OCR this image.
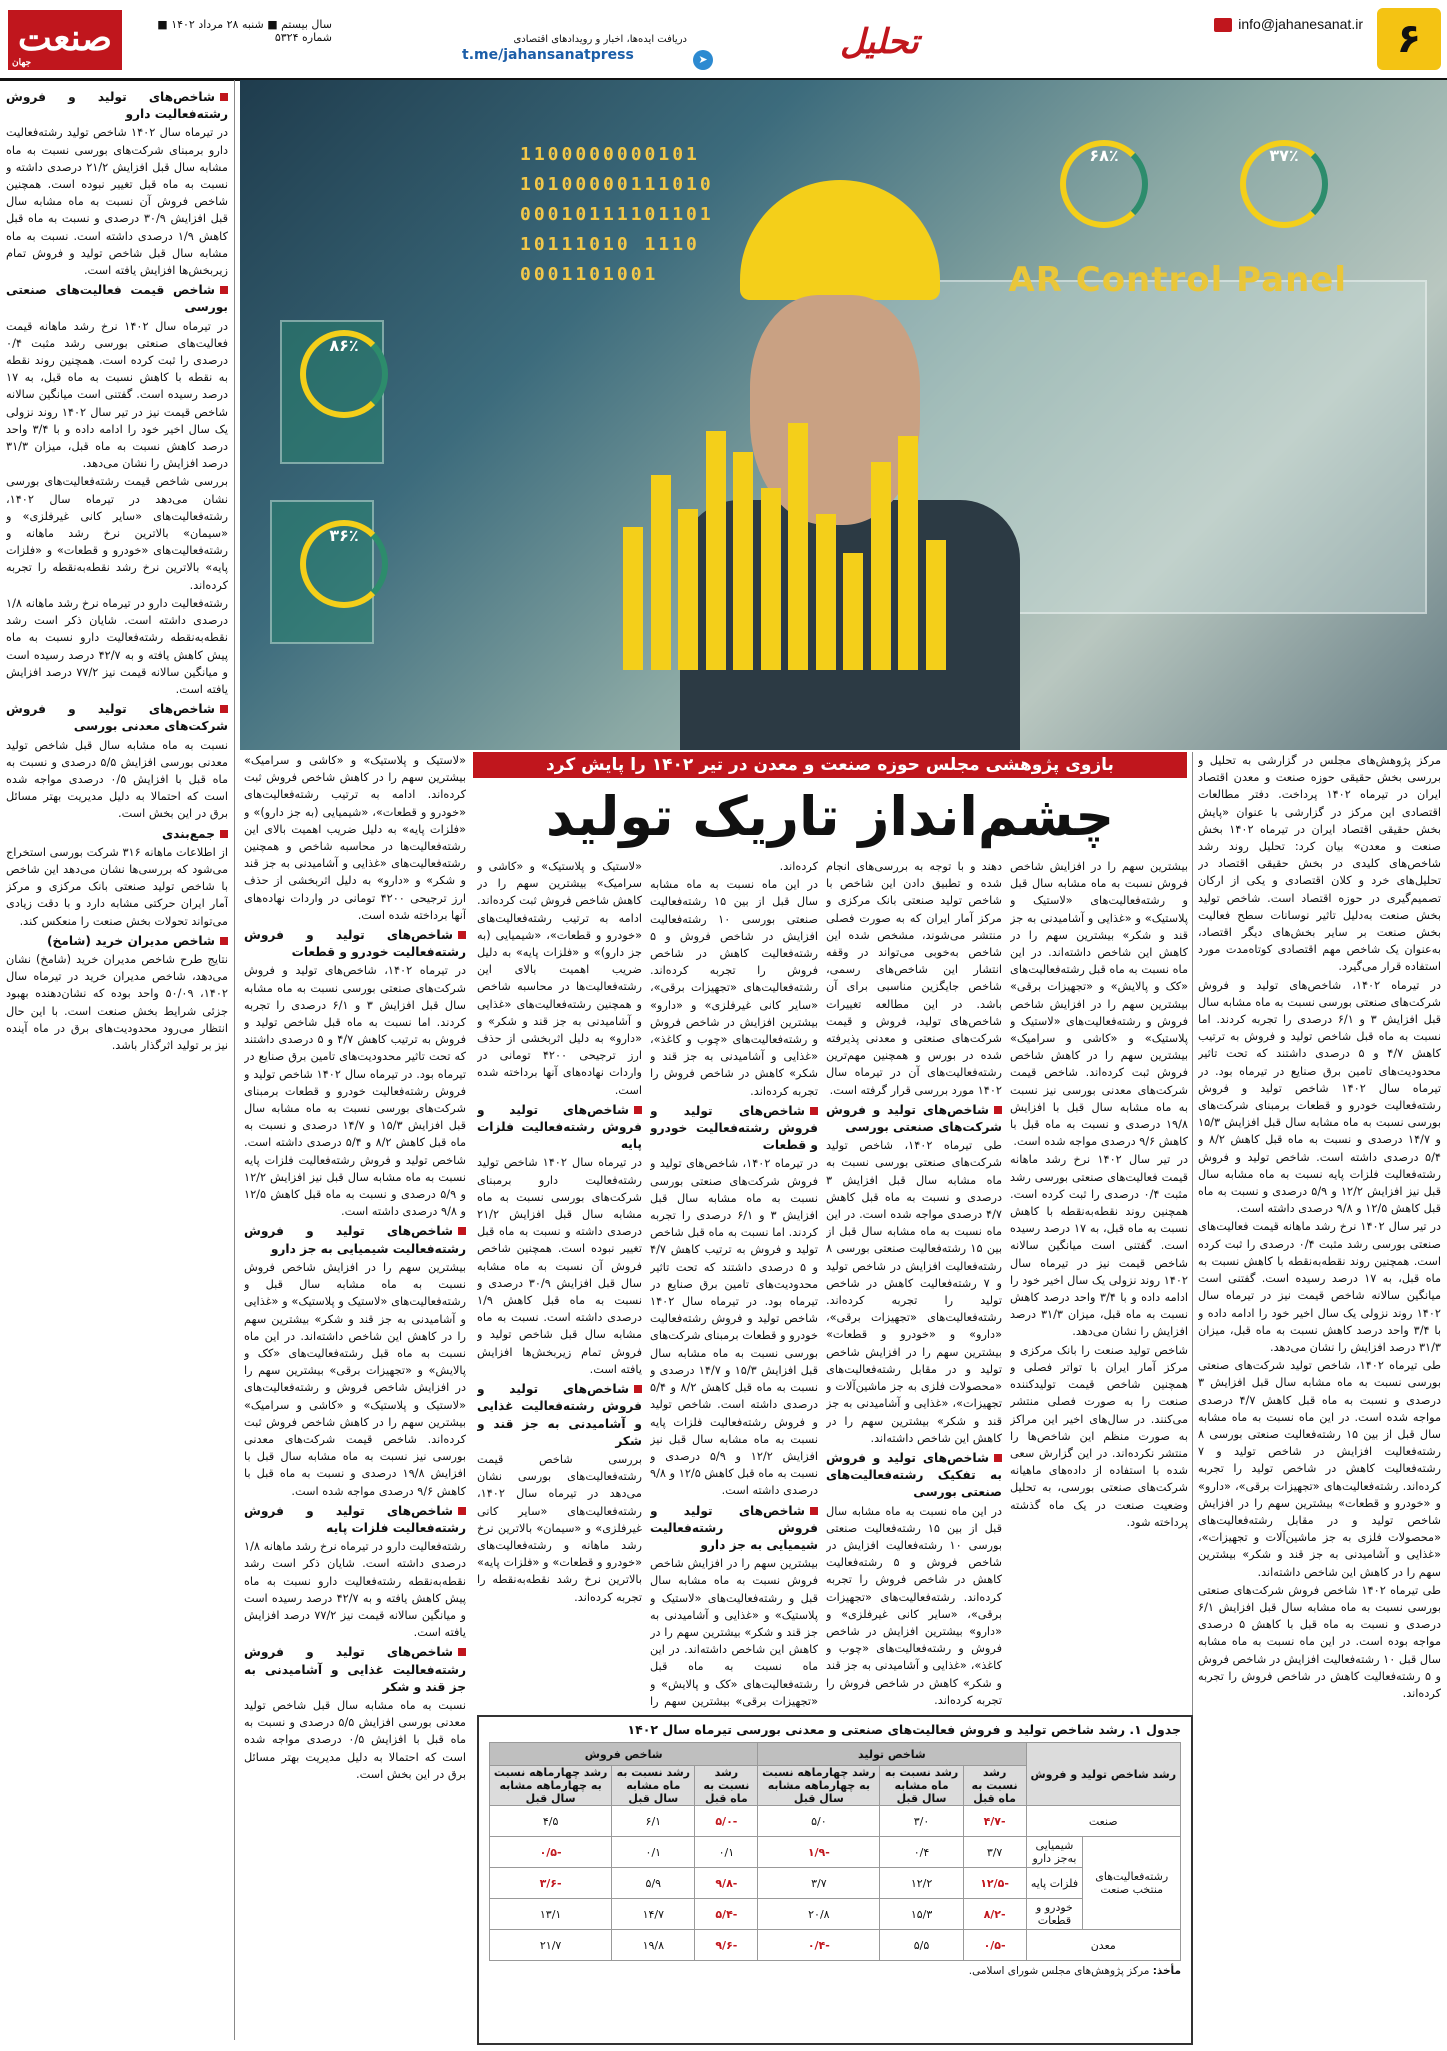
۶
info@jahanesanat.ir
تحلیل
➤
دریافت ایده‌ها، اخبار و رویدادهای اقتصادی
t.me/jahansanatpress
سال بیستم ■ شنبه ۲۸ مرداد ۱۴۰۲ ■ شماره ۵۳۲۴
صنعت
جهان
شاخص‌های تولید و فروش رشته‌فعالیت دارو

در تیرماه سال ۱۴۰۲ شاخص تولید رشته‌فعالیت دارو برمبنای شرکت‌های بورسی نسبت به ماه مشابه سال قبل افزایش ۲۱/۲ درصدی داشته و نسبت به ماه قبل تغییر نبوده است. همچنین شاخص فروش آن نسبت به ماه مشابه سال قبل افزایش ۳۰/۹ درصدی و نسبت به ماه قبل کاهش ۱/۹ درصدی داشته است. نسبت به ماه مشابه سال قبل شاخص تولید و فروش تمام زیربخش‌ها افزایش یافته است.

شاخص قیمت فعالیت‌های صنعتی بورسی

در تیرماه سال ۱۴۰۲ نرخ رشد ماهانه قیمت فعالیت‌های صنعتی بورسی رشد مثبت ۰/۴ درصدی را ثبت کرده است. همچنین روند نقطه به نقطه با کاهش نسبت به ماه قبل، به ۱۷ درصد رسیده است. گفتنی است میانگین سالانه شاخص قیمت نیز در تیر سال ۱۴۰۲ روند نزولی یک سال اخیر خود را ادامه داده و با ۳/۴ واحد درصد کاهش نسبت به ماه قبل، میزان ۳۱/۳ درصد افزایش را نشان می‌دهد.

بررسی شاخص قیمت رشته‌فعالیت‌های بورسی نشان می‌دهد در تیرماه سال ۱۴۰۲، رشته‌فعالیت‌های «سایر کانی غیرفلزی» و «سیمان» بالاترین نرخ رشد ماهانه و رشته‌فعالیت‌های «خودرو و قطعات» و «فلزات پایه» بالاترین نرخ رشد نقطه‌به‌نقطه را تجربه کرده‌اند.

رشته‌فعالیت دارو در تیرماه نرخ رشد ماهانه ۱/۸ درصدی داشته است. شایان ذکر است رشد نقطه‌به‌نقطه رشته‌فعالیت دارو نسبت به ماه پیش کاهش یافته و به ۴۲/۷ درصد رسیده است و میانگین سالانه قیمت نیز ۷۷/۲ درصد افزایش یافته است.

شاخص‌های تولید و فروش شرکت‌های معدنی بورسی

نسبت به ماه مشابه سال قبل شاخص تولید معدنی بورسی افزایش ۵/۵ درصدی و نسبت به ماه قبل با افزایش ۰/۵ درصدی مواجه شده است که احتمالا به دلیل مدیریت بهتر مسائل برق در این بخش است.

جمع‌بندی

از اطلاعات ماهانه ۳۱۶ شرکت بورسی استخراج می‌شود که بررسی‌ها نشان می‌دهد این شاخص با شاخص تولید صنعتی بانک مرکزی و مرکز آمار ایران حرکتی مشابه دارد و با دقت زیادی می‌تواند تحولات بخش صنعت را منعکس کند.

شاخص مدیران خرید (شامخ)

نتایج طرح شاخص مدیران خرید (شامخ) نشان می‌دهد، شاخص مدیران خرید در تیرماه سال ۱۴۰۲، ۵۰/۰۹ واحد بوده که نشان‌دهنده بهبود جزئی شرایط بخش صنعت است. با این حال انتظار می‌رود محدودیت‌های برق در ماه آینده نیز بر تولید اثرگذار باشد.

AR Control Panel
1100000000101
10100000111010
00010111101101
10111010 1110
0001101001
۶۸٪	۳۷٪
۸۶٪
۳۶٪
بازوی پژوهشی مجلس حوزه صنعت و معدن در تیر ۱۴۰۲ را پایش کرد
چشم‌انداز تاریک تولید

مرکز پژوهش‌های مجلس در گزارشی به تحلیل و بررسی بخش حقیقی حوزه صنعت و معدن اقتصاد ایران در تیرماه ۱۴۰۲ پرداخت. دفتر مطالعات اقتصادی این مرکز در گزارشی با عنوان «پایش بخش حقیقی اقتصاد ایران در تیرماه ۱۴۰۲ بخش صنعت و معدن» بیان کرد: تحلیل روند رشد شاخص‌های کلیدی در بخش حقیقی اقتصاد در تحلیل‌های خرد و کلان اقتصادی و یکی از ارکان تصمیم‌گیری در حوزه اقتصاد است. شاخص تولید بخش صنعت به‌دلیل تاثیر نوسانات سطح فعالیت بخش صنعت بر سایر بخش‌های دیگر اقتصاد، به‌عنوان یک شاخص مهم اقتصادی کوتاه‌مدت مورد استفاده قرار می‌گیرد.

در تیرماه ۱۴۰۲، شاخص‌های تولید و فروش شرکت‌های صنعتی بورسی نسبت به ماه مشابه سال قبل افزایش ۳ و ۶/۱ درصدی را تجربه کردند. اما نسبت به ماه قبل شاخص تولید و فروش به ترتیب کاهش ۴/۷ و ۵ درصدی داشتند که تحت تاثیر محدودیت‌های تامین برق صنایع در تیرماه بود. در تیرماه سال ۱۴۰۲ شاخص تولید و فروش رشته‌فعالیت خودرو و قطعات برمبنای شرکت‌های بورسی نسبت به ماه مشابه سال قبل افزایش ۱۵/۳ و ۱۴/۷ درصدی و نسبت به ماه قبل کاهش ۸/۲ و ۵/۴ درصدی داشته است. شاخص تولید و فروش رشته‌فعالیت فلزات پایه نسبت به ماه مشابه سال قبل نیز افزایش ۱۲/۲ و ۵/۹ درصدی و نسبت به ماه قبل کاهش ۱۲/۵ و ۹/۸ درصدی داشته است.

در تیر سال ۱۴۰۲ نرخ رشد ماهانه قیمت فعالیت‌های صنعتی بورسی رشد مثبت ۰/۴ درصدی را ثبت کرده است. همچنین روند نقطه‌به‌نقطه با کاهش نسبت به ماه قبل، به ۱۷ درصد رسیده است. گفتنی است میانگین سالانه شاخص قیمت نیز در تیرماه سال ۱۴۰۲ روند نزولی یک سال اخیر خود را ادامه داده و با ۳/۴ واحد درصد کاهش نسبت به ماه قبل، میزان ۳۱/۳ درصد افزایش را نشان می‌دهد.

طی تیرماه ۱۴۰۲، شاخص تولید شرکت‌های صنعتی بورسی نسبت به ماه مشابه سال قبل افزایش ۳ درصدی و نسبت به ماه قبل کاهش ۴/۷ درصدی مواجه شده است. در این ماه نسبت به ماه مشابه سال قبل از بین ۱۵ رشته‌فعالیت صنعتی بورسی ۸ رشته‌فعالیت افزایش در شاخص تولید و ۷ رشته‌فعالیت کاهش در شاخص تولید را تجربه کرده‌اند. رشته‌فعالیت‌های «تجهیزات برقی»، «دارو» و «خودرو و قطعات» بیشترین سهم را در افزایش شاخص تولید و در مقابل رشته‌فعالیت‌های «محصولات فلزی به جز ماشین‌آلات و تجهیزات»، «غذایی و آشامیدنی به جز قند و شکر» بیشترین سهم را در کاهش این شاخص داشته‌اند.

طی تیرماه ۱۴۰۲ شاخص فروش شرکت‌های صنعتی بورسی نسبت به ماه مشابه سال قبل افزایش ۶/۱ درصدی و نسبت به ماه قبل با کاهش ۵ درصدی مواجه بوده است. در این ماه نسبت به ماه مشابه سال قبل ۱۰ رشته‌فعالیت افزایش در شاخص فروش و ۵ رشته‌فعالیت کاهش در شاخص فروش را تجربه کرده‌اند.

بیشترین سهم را در افزایش شاخص فروش نسبت به ماه مشابه سال قبل و رشته‌فعالیت‌های «لاستیک و پلاستیک» و «غذایی و آشامیدنی به جز قند و شکر» بیشترین سهم را در کاهش این شاخص داشته‌اند. در این ماه نسبت به ماه قبل رشته‌فعالیت‌های «کک و پالایش» و «تجهیزات برقی» بیشترین سهم را در افزایش شاخص فروش و رشته‌فعالیت‌های «لاستیک و پلاستیک» و «کاشی و سرامیک» بیشترین سهم را در کاهش شاخص فروش ثبت کرده‌اند. شاخص قیمت شرکت‌های معدنی بورسی نیز نسبت به ماه مشابه سال قبل با افزایش ۱۹/۸ درصدی و نسبت به ماه قبل با کاهش ۹/۶ درصدی مواجه شده است.

در تیر سال ۱۴۰۲ نرخ رشد ماهانه قیمت فعالیت‌های صنعتی بورسی رشد مثبت ۰/۴ درصدی را ثبت کرده است. همچنین روند نقطه‌به‌نقطه با کاهش نسبت به ماه قبل، به ۱۷ درصد رسیده است. گفتنی است میانگین سالانه شاخص قیمت نیز در تیرماه سال ۱۴۰۲ روند نزولی یک سال اخیر خود را ادامه داده و با ۳/۴ واحد درصد کاهش نسبت به ماه قبل، میزان ۳۱/۳ درصد افزایش را نشان می‌دهد.

شاخص تولید صنعت را بانک مرکزی و مرکز آمار ایران با تواتر فصلی و همچنین شاخص قیمت تولیدکننده صنعت را به صورت فصلی منتشر می‌کنند. در سال‌های اخیر این مراکز به صورت منظم این شاخص‌ها را منتشر نکرده‌اند. در این گزارش سعی شده با استفاده از داده‌های ماهیانه شرکت‌های صنعتی بورسی، به تحلیل وضعیت صنعت در یک ماه گذشته پرداخته شود.

دهند و با توجه به بررسی‌های انجام شده و تطبیق دادن این شاخص با شاخص تولید صنعتی بانک مرکزی و مرکز آمار ایران که به صورت فصلی منتشر می‌شوند، مشخص شده این شاخص به‌خوبی می‌تواند در وقفه انتشار این شاخص‌های رسمی، شاخص جایگزین مناسبی برای آن باشد. در این مطالعه تغییرات شاخص‌های تولید، فروش و قیمت شرکت‌های صنعتی و معدنی پذیرفته شده در بورس و همچنین مهم‌ترین رشته‌فعالیت‌های آن در تیرماه سال ۱۴۰۲ مورد بررسی قرار گرفته است.

شاخص‌های تولید و فروش شرکت‌های صنعتی بورسی

طی تیرماه ۱۴۰۲، شاخص تولید شرکت‌های صنعتی بورسی نسبت به ماه مشابه سال قبل افزایش ۳ درصدی و نسبت به ماه قبل کاهش ۴/۷ درصدی مواجه شده است. در این ماه نسبت به ماه مشابه سال قبل از بین ۱۵ رشته‌فعالیت صنعتی بورسی ۸ رشته‌فعالیت افزایش در شاخص تولید و ۷ رشته‌فعالیت کاهش در شاخص تولید را تجربه کرده‌اند. رشته‌فعالیت‌های «تجهیزات برقی»، «دارو» و «خودرو و قطعات» بیشترین سهم را در افزایش شاخص تولید و در مقابل رشته‌فعالیت‌های «محصولات فلزی به جز ماشین‌آلات و تجهیزات»، «غذایی و آشامیدنی به جز قند و شکر» بیشترین سهم را در کاهش این شاخص داشته‌اند.

شاخص‌های تولید و فروش به تفکیک رشته‌فعالیت‌های صنعتی بورسی

در این ماه نسبت به ماه مشابه سال قبل از بین ۱۵ رشته‌فعالیت صنعتی بورسی ۱۰ رشته‌فعالیت افزایش در شاخص فروش و ۵ رشته‌فعالیت کاهش در شاخص فروش را تجربه کرده‌اند. رشته‌فعالیت‌های «تجهیزات برقی»، «سایر کانی غیرفلزی» و «دارو» بیشترین افزایش در شاخص فروش و رشته‌فعالیت‌های «چوب و کاغذ»، «غذایی و آشامیدنی به جز قند و شکر» کاهش در شاخص فروش را تجربه کرده‌اند.

کرده‌اند.

در این ماه نسبت به ماه مشابه سال قبل از بین ۱۵ رشته‌فعالیت صنعتی بورسی ۱۰ رشته‌فعالیت افزایش در شاخص فروش و ۵ رشته‌فعالیت کاهش در شاخص فروش را تجربه کرده‌اند. رشته‌فعالیت‌های «تجهیزات برقی»، «سایر کانی غیرفلزی» و «دارو» بیشترین افزایش در شاخص فروش و رشته‌فعالیت‌های «چوب و کاغذ»، «غذایی و آشامیدنی به جز قند و شکر» کاهش در شاخص فروش را تجربه کرده‌اند.

شاخص‌های تولید و فروش رشته‌فعالیت خودرو و قطعات

در تیرماه ۱۴۰۲، شاخص‌های تولید و فروش شرکت‌های صنعتی بورسی نسبت به ماه مشابه سال قبل افزایش ۳ و ۶/۱ درصدی را تجربه کردند. اما نسبت به ماه قبل شاخص تولید و فروش به ترتیب کاهش ۴/۷ و ۵ درصدی داشتند که تحت تاثیر محدودیت‌های تامین برق صنایع در تیرماه بود. در تیرماه سال ۱۴۰۲ شاخص تولید و فروش رشته‌فعالیت خودرو و قطعات برمبنای شرکت‌های بورسی نسبت به ماه مشابه سال قبل افزایش ۱۵/۳ و ۱۴/۷ درصدی و نسبت به ماه قبل کاهش ۸/۲ و ۵/۴ درصدی داشته است. شاخص تولید و فروش رشته‌فعالیت فلزات پایه نسبت به ماه مشابه سال قبل نیز افزایش ۱۲/۲ و ۵/۹ درصدی و نسبت به ماه قبل کاهش ۱۲/۵ و ۹/۸ درصدی داشته است.

شاخص‌های تولید و فروش رشته‌فعالیت شیمیایی به جز دارو

بیشترین سهم را در افزایش شاخص فروش نسبت به ماه مشابه سال قبل و رشته‌فعالیت‌های «لاستیک و پلاستیک» و «غذایی و آشامیدنی به جز قند و شکر» بیشترین سهم را در کاهش این شاخص داشته‌اند. در این ماه نسبت به ماه قبل رشته‌فعالیت‌های «کک و پالایش» و «تجهیزات برقی» بیشترین سهم را

«لاستیک و پلاستیک» و «کاشی و سرامیک» بیشترین سهم را در کاهش شاخص فروش ثبت کرده‌اند. ادامه به ترتیب رشته‌فعالیت‌های «خودرو و قطعات»، «شیمیایی (به جز دارو)» و «فلزات پایه» به دلیل ضریب اهمیت بالای این رشته‌فعالیت‌ها در محاسبه شاخص و همچنین رشته‌فعالیت‌های «غذایی و آشامیدنی به جز قند و شکر» و «دارو» به دلیل اثربخشی از حذف ارز ترجیحی ۴۲۰۰ تومانی در واردات نهاده‌های آنها برداخته شده است.

شاخص‌های تولید و فروش رشته‌فعالیت فلزات پایه

در تیرماه سال ۱۴۰۲ شاخص تولید رشته‌فعالیت دارو برمبنای شرکت‌های بورسی نسبت به ماه مشابه سال قبل افزایش ۲۱/۲ درصدی داشته و نسبت به ماه قبل تغییر نبوده است. همچنین شاخص فروش آن نسبت به ماه مشابه سال قبل افزایش ۳۰/۹ درصدی و نسبت به ماه قبل کاهش ۱/۹ درصدی داشته است. نسبت به ماه مشابه سال قبل شاخص تولید و فروش تمام زیربخش‌ها افزایش یافته است.

شاخص‌های تولید و فروش رشته‌فعالیت غذایی و آشامیدنی به جز قند و شکر

بررسی شاخص قیمت رشته‌فعالیت‌های بورسی نشان می‌دهد در تیرماه سال ۱۴۰۲، رشته‌فعالیت‌های «سایر کانی غیرفلزی» و «سیمان» بالاترین نرخ رشد ماهانه و رشته‌فعالیت‌های «خودرو و قطعات» و «فلزات پایه» بالاترین نرخ رشد نقطه‌به‌نقطه را تجربه کرده‌اند.

«لاستیک و پلاستیک» و «کاشی و سرامیک» بیشترین سهم را در کاهش شاخص فروش ثبت کرده‌اند. ادامه به ترتیب رشته‌فعالیت‌های «خودرو و قطعات»، «شیمیایی (به جز دارو)» و «فلزات پایه» به دلیل ضریب اهمیت بالای این رشته‌فعالیت‌ها در محاسبه شاخص و همچنین رشته‌فعالیت‌های «غذایی و آشامیدنی به جز قند و شکر» و «دارو» به دلیل اثربخشی از حذف ارز ترجیحی ۴۲۰۰ تومانی در واردات نهاده‌های آنها برداخته شده است.

شاخص‌های تولید و فروش رشته‌فعالیت خودرو و قطعات

در تیرماه ۱۴۰۲، شاخص‌های تولید و فروش شرکت‌های صنعتی بورسی نسبت به ماه مشابه سال قبل افزایش ۳ و ۶/۱ درصدی را تجربه کردند. اما نسبت به ماه قبل شاخص تولید و فروش به ترتیب کاهش ۴/۷ و ۵ درصدی داشتند که تحت تاثیر محدودیت‌های تامین برق صنایع در تیرماه بود. در تیرماه سال ۱۴۰۲ شاخص تولید و فروش رشته‌فعالیت خودرو و قطعات برمبنای شرکت‌های بورسی نسبت به ماه مشابه سال قبل افزایش ۱۵/۳ و ۱۴/۷ درصدی و نسبت به ماه قبل کاهش ۸/۲ و ۵/۴ درصدی داشته است. شاخص تولید و فروش رشته‌فعالیت فلزات پایه نسبت به ماه مشابه سال قبل نیز افزایش ۱۲/۲ و ۵/۹ درصدی و نسبت به ماه قبل کاهش ۱۲/۵ و ۹/۸ درصدی داشته است.

شاخص‌های تولید و فروش رشته‌فعالیت شیمیایی به جز دارو

بیشترین سهم را در افزایش شاخص فروش نسبت به ماه مشابه سال قبل و رشته‌فعالیت‌های «لاستیک و پلاستیک» و «غذایی و آشامیدنی به جز قند و شکر» بیشترین سهم را در کاهش این شاخص داشته‌اند. در این ماه نسبت به ماه قبل رشته‌فعالیت‌های «کک و پالایش» و «تجهیزات برقی» بیشترین سهم را در افزایش شاخص فروش و رشته‌فعالیت‌های «لاستیک و پلاستیک» و «کاشی و سرامیک» بیشترین سهم را در کاهش شاخص فروش ثبت کرده‌اند. شاخص قیمت شرکت‌های معدنی بورسی نیز نسبت به ماه مشابه سال قبل با افزایش ۱۹/۸ درصدی و نسبت به ماه قبل با کاهش ۹/۶ درصدی مواجه شده است.

شاخص‌های تولید و فروش رشته‌فعالیت فلزات پایه

رشته‌فعالیت دارو در تیرماه نرخ رشد ماهانه ۱/۸ درصدی داشته است. شایان ذکر است رشد نقطه‌به‌نقطه رشته‌فعالیت دارو نسبت به ماه پیش کاهش یافته و به ۴۲/۷ درصد رسیده است و میانگین سالانه قیمت نیز ۷۷/۲ درصد افزایش یافته است.

شاخص‌های تولید و فروش رشته‌فعالیت غذایی و آشامیدنی به جز قند و شکر

نسبت به ماه مشابه سال قبل شاخص تولید معدنی بورسی افزایش ۵/۵ درصدی و نسبت به ماه قبل با افزایش ۰/۵ درصدی مواجه شده است که احتمالا به دلیل مدیریت بهتر مسائل برق در این بخش است.

جدول ۱. رشد شاخص تولید و فروش فعالیت‌های صنعتی و معدنی بورسی تیرماه سال ۱۴۰۲
رشد شاخص تولید و فروش		شاخص تولید			شاخص فروش		
		رشد نسبت به ماه قبل	رشد نسبت به ماه مشابه سال قبل	رشد چهارماهه نسبت به چهارماهه مشابه سال قبل	رشد نسبت به ماه قبل	رشد نسبت به ماه مشابه سال قبل	رشد چهارماهه نسبت به چهارماهه مشابه سال قبل
صنعت		-۴/۷	۳/۰	۵/۰	-۵/۰	۶/۱	۴/۵
رشته‌فعالیت‌های منتخب صنعت	شیمیایی به‌جز دارو	۳/۷	۰/۴	-۱/۹	۰/۱	۰/۱	-۰/۵
	فلزات پایه	-۱۲/۵	۱۲/۲	۳/۷	-۹/۸	۵/۹	-۳/۶
	خودرو و قطعات	-۸/۲	۱۵/۳	۲۰/۸	-۵/۴	۱۴/۷	۱۳/۱
معدن		-۰/۵	۵/۵	-۰/۴	-۹/۶	۱۹/۸	۲۱/۷
مأخذ: مرکز پژوهش‌های مجلس شورای اسلامی.
